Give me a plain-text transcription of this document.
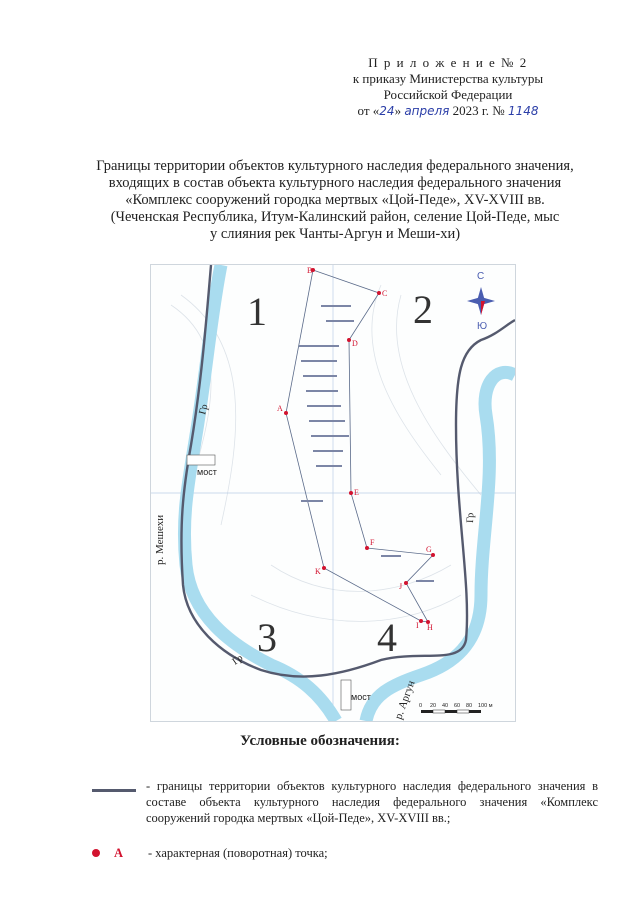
П р и л о ж е н и е № 2
к приказу Министерства культуры
Российской Федерации
от «24» апреля 2023 г. № 1148
Границы территории объектов культурного наследия федерального значения,
входящих в состав объекта культурного наследия федерального значения
«Комплекс сооружений городка мертвых «Цой-Педе», XV-XVIII вв.
(Чеченская Республика, Итум-Калинский район, селение Цой-Педе, мыс
у слияния рек Чанты-Аргун и Меши-хи)
1	2
3	4
С
Ю
мост
мост
р. Мешехи
р. Аргун
Гр
Гр
Гр
A
B
C
D
E
F
G
J
K
I H
0 20 40 60 80 100 м
Условные обозначения:
- границы территории объектов культурного наследия федерального значения в составе объекта культурного наследия федерального значения «Комплекс сооружений городка мертвых «Цой-Педе», XV-XVIII вв.;
А - характерная (поворотная) точка;
